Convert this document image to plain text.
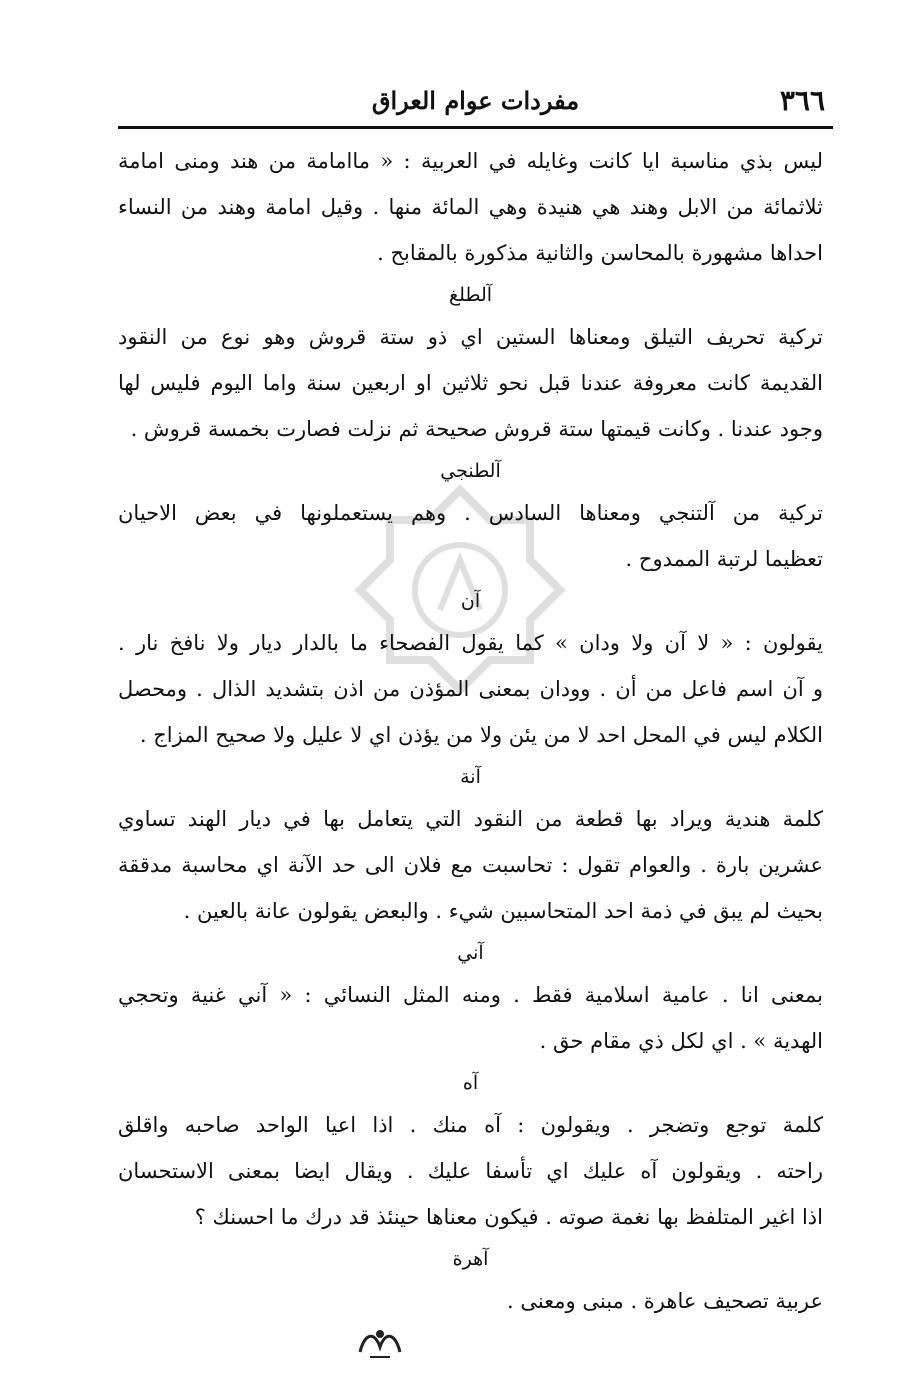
٣٦٦
مفردات عوام العراق
ليس بذي مناسبة ايا كانت وغايله في العربية : « ماامامة من هند ومنى امامة
ثلاثمائة من الابل وهند هي هنيدة وهي المائة منها . وقيل امامة وهند من النساء
احداها مشهورة بالمحاسن والثانية مذكورة بالمقابح .
آلطلغ
تركية تحريف التيلق ومعناها الستين اي ذو ستة قروش وهو نوع من النقود
القديمة كانت معروفة عندنا قبل نحو ثلاثين او اربعين سنة واما اليوم فليس لها
وجود عندنا . وكانت قيمتها ستة قروش صحيحة ثم نزلت فصارت بخمسة قروش .
آلطنجي
تركية من آلتنجي ومعناها السادس . وهم يستعملونها في بعض الاحيان
تعظيما لرتبة الممدوح .
آن
يقولون : « لا آن ولا ودان » كما يقول الفصحاء ما بالدار ديار ولا نافخ نار .
و آن اسم فاعل من أن . وودان بمعنى المؤذن من اذن بتشديد الذال . ومحصل
الكلام ليس في المحل احد لا من يئن ولا من يؤذن اي لا عليل ولا صحيح المزاج .
آنة
كلمة هندية ويراد بها قطعة من النقود التي يتعامل بها في ديار الهند تساوي
عشرين بارة . والعوام تقول : تحاسبت مع فلان الى حد الآنة اي محاسبة مدققة
بحيث لم يبق في ذمة احد المتحاسبين شيء . والبعض يقولون عانة بالعين .
آني
بمعنى انا . عامية اسلامية فقط . ومنه المثل النسائي : « آني غنية وتحجي
الهدية » . اي لكل ذي مقام حق .
آه
كلمة توجع وتضجر . ويقولون : آه منك . اذا اعيا الواحد صاحبه واقلق
راحته . ويقولون آه عليك اي تأسفا عليك . ويقال ايضا بمعنى الاستحسان
اذا اغير المتلفظ بها نغمة صوته . فيكون معناها حينئذ قد درك ما احسنك ؟
آهرة
عربية تصحيف عاهرة . مبنى ومعنى .
